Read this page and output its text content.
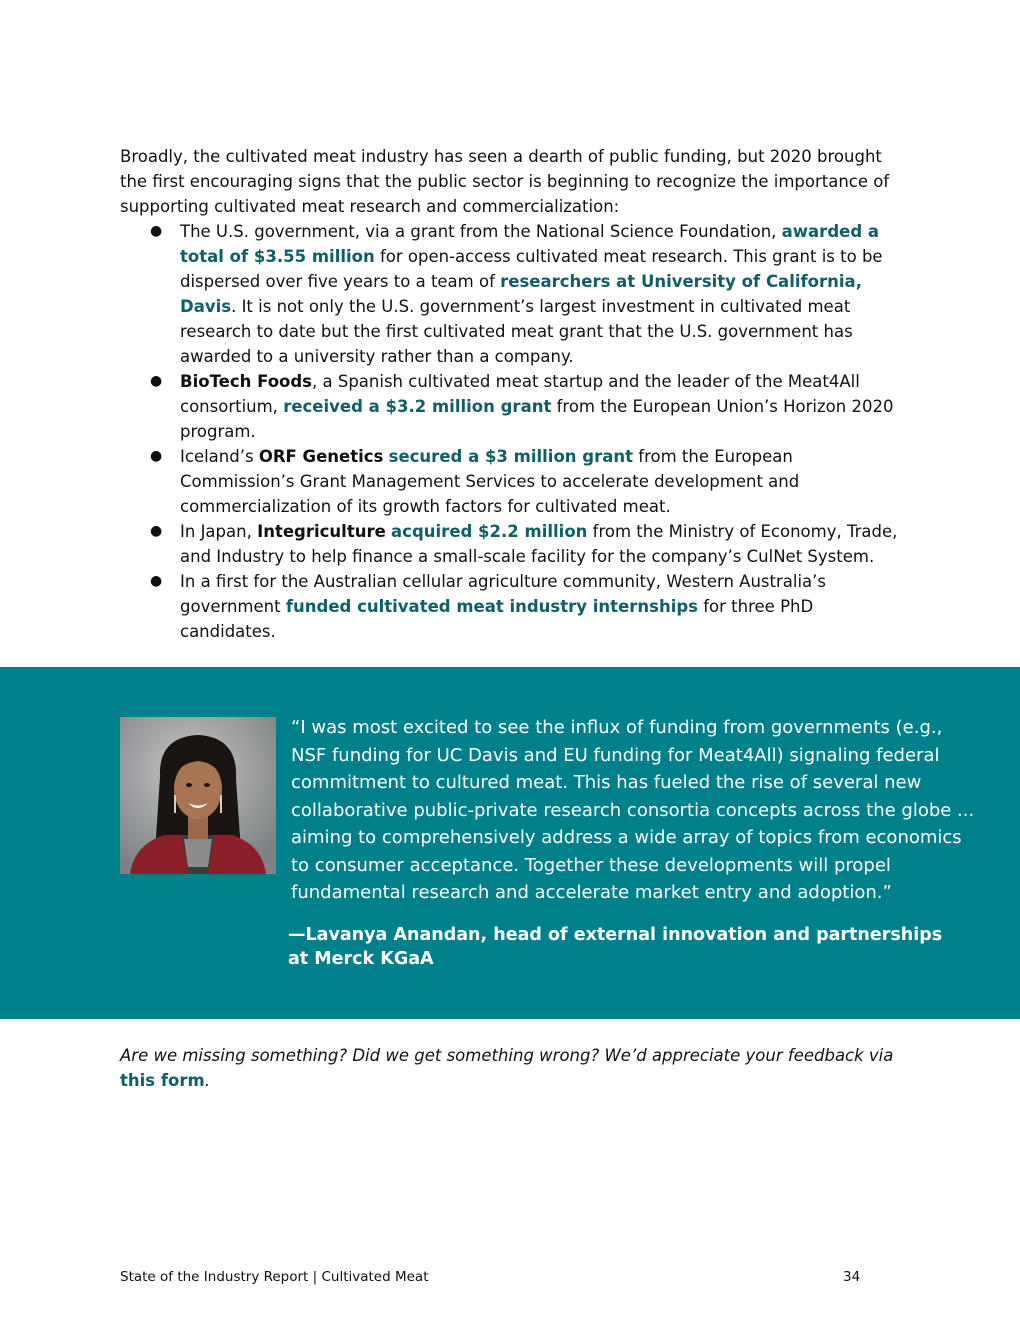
Broadly, the cultivated meat industry has seen a dearth of public funding, but 2020 brought the first encouraging signs that the public sector is beginning to recognize the importance of supporting cultivated meat research and commercialization:

● The U.S. government, via a grant from the National Science Foundation, awarded a total of $3.55 million for open-access cultivated meat research. This grant is to be dispersed over five years to a team of researchers at University of California, Davis. It is not only the U.S. government’s largest investment in cultivated meat research to date but the first cultivated meat grant that the U.S. government has awarded to a university rather than a company.
● BioTech Foods, a Spanish cultivated meat startup and the leader of the Meat4All consortium, received a $3.2 million grant from the European Union’s Horizon 2020 program.
● Iceland’s ORF Genetics secured a $3 million grant from the European Commission’s Grant Management Services to accelerate development and commercialization of its growth factors for cultivated meat.
● In Japan, Integriculture acquired $2.2 million from the Ministry of Economy, Trade, and Industry to help finance a small-scale facility for the company’s CulNet System.
● In a first for the Australian cellular agriculture community, Western Australia’s government funded cultivated meat industry internships for three PhD candidates.

“I was most excited to see the influx of funding from governments (e.g., NSF funding for UC Davis and EU funding for Meat4All) signaling federal commitment to cultured meat. This has fueled the rise of several new collaborative public-private research consortia concepts across the globe ... aiming to comprehensively address a wide array of topics from economics to consumer acceptance. Together these developments will propel fundamental research and accelerate market entry and adoption.”

—Lavanya Anandan, head of external innovation and partnerships at Merck KGaA

Are we missing something? Did we get something wrong? We’d appreciate your feedback via this form.

State of the Industry Report | Cultivated Meat	34
